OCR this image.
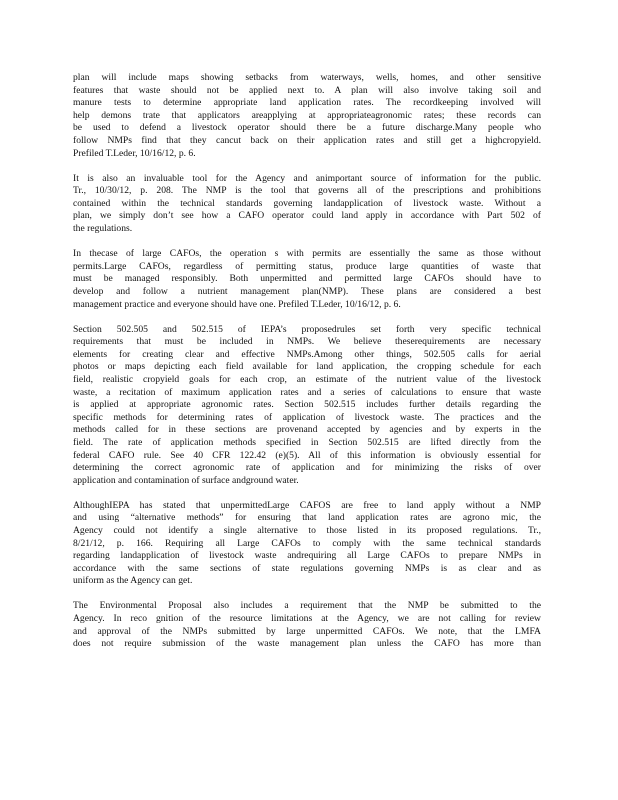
plan will include maps showing setbacks from waterways, wells, homes, and other sensitive
features that waste should not be applied next to. A plan will also involve taking soil and
manure tests to determine appropriate land application rates. The recordkeeping involved will
help demons trate that applicators areapplying at appropriateagronomic rates; these records can
be used to defend a livestock operator should there be a future discharge.Many people who
follow NMPs find that they cancut back on their application rates and still get a highcropyield.
Prefiled T.Leder, 10/16/12, p. 6.

It is also an invaluable tool for the Agency and animportant source of information for the public.
Tr., 10/30/12, p. 208. The NMP is the tool that governs all of the prescriptions and prohibitions
contained within the technical standards governing landapplication of livestock waste. Without a
plan, we simply don’t see how a CAFO operator could land apply in accordance with Part 502 of
the regulations.

In thecase of large CAFOs, the operation s with permits are essentially the same as those without
permits.Large CAFOs, regardless of permitting status, produce large quantities of waste that
must be managed responsibly. Both unpermitted and permitted large CAFOs should have to
develop and follow a nutrient management plan(NMP). These plans are considered a best
management practice and everyone should have one. Prefiled T.Leder, 10/16/12, p. 6.

Section 502.505 and 502.515 of IEPA’s proposedrules set forth very specific technical
requirements that must be included in NMPs. We believe theserequirements are necessary
elements for creating clear and effective NMPs.Among other things, 502.505 calls for aerial
photos or maps depicting each field available for land application, the cropping schedule for each
field, realistic cropyield goals for each crop, an estimate of the nutrient value of the livestock
waste, a recitation of maximum application rates and a series of calculations to ensure that waste
is applied at appropriate agronomic rates. Section 502.515 includes further details regarding the
specific methods for determining rates of application of livestock waste. The practices and the
methods called for in these sections are provenand accepted by agencies and by experts in the
field. The rate of application methods specified in Section 502.515 are lifted directly from the
federal CAFO rule. See 40 CFR 122.42 (e)(5). All of this information is obviously essential for
determining the correct agronomic rate of application and for minimizing the risks of over
application and contamination of surface andground water.

AlthoughIEPA has stated that unpermittedLarge CAFOS are free to land apply without a NMP
and using “alternative methods” for ensuring that land application rates are agrono mic, the
Agency could not identify a single alternative to those listed in its proposed regulations. Tr.,
8/21/12, p. 166. Requiring all Large CAFOs to comply with the same technical standards
regarding landapplication of livestock waste andrequiring all Large CAFOs to prepare NMPs in
accordance with the same sections of state regulations governing NMPs is as clear and as
uniform as the Agency can get.

The Environmental Proposal also includes a requirement that the NMP be submitted to the
Agency. In reco gnition of the resource limitations at the Agency, we are not calling for review
and approval of the NMPs submitted by large unpermitted CAFOs. We note, that the LMFA
does not require submission of the waste management plan unless the CAFO has more than
